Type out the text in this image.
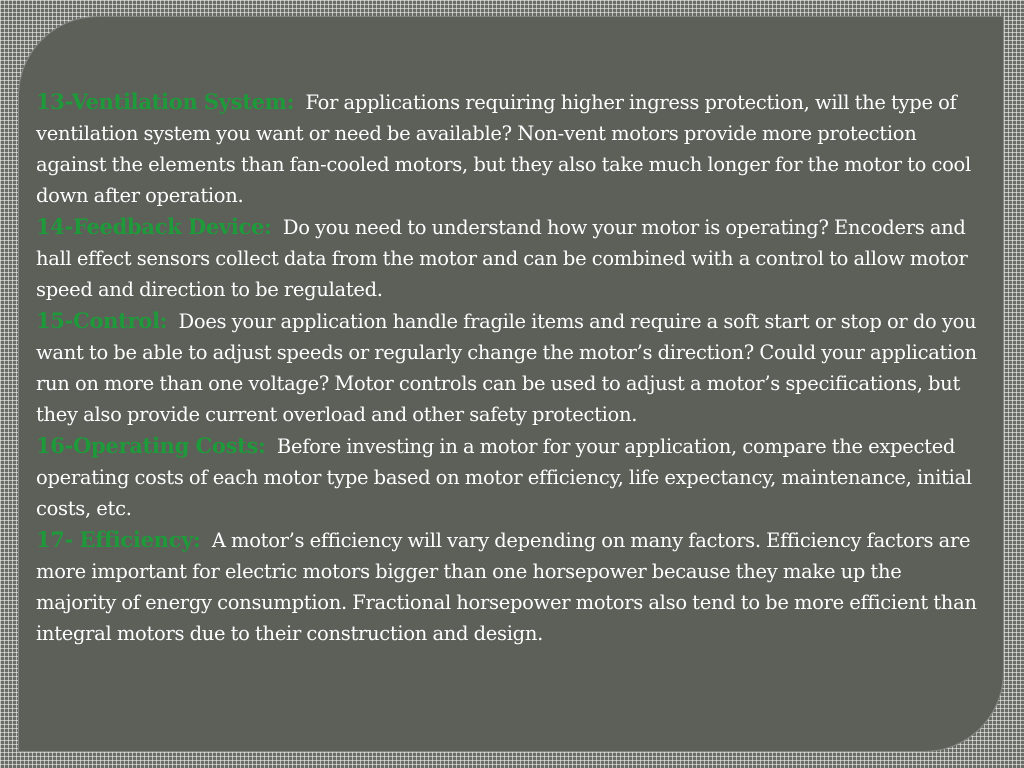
13-Ventilation System: For applications requiring higher ingress protection, will the type of ventilation system you want or need be available? Non-vent motors provide more protection against the elements than fan-cooled motors, but they also take much longer for the motor to cool down after operation.

14-Feedback Device: Do you need to understand how your motor is operating? Encoders and hall effect sensors collect data from the motor and can be combined with a control to allow motor speed and direction to be regulated.

15-Control: Does your application handle fragile items and require a soft start or stop or do you want to be able to adjust speeds or regularly change the motor’s direction? Could your application run on more than one voltage? Motor controls can be used to adjust a motor’s specifications, but they also provide current overload and other safety protection.

16-Operating Costs: Before investing in a motor for your application, compare the expected operating costs of each motor type based on motor efficiency, life expectancy, maintenance, initial costs, etc.

17- Efficiency: A motor’s efficiency will vary depending on many factors. Efficiency factors are more important for electric motors bigger than one horsepower because they make up the majority of energy consumption. Fractional horsepower motors also tend to be more efficient than integral motors due to their construction and design.
